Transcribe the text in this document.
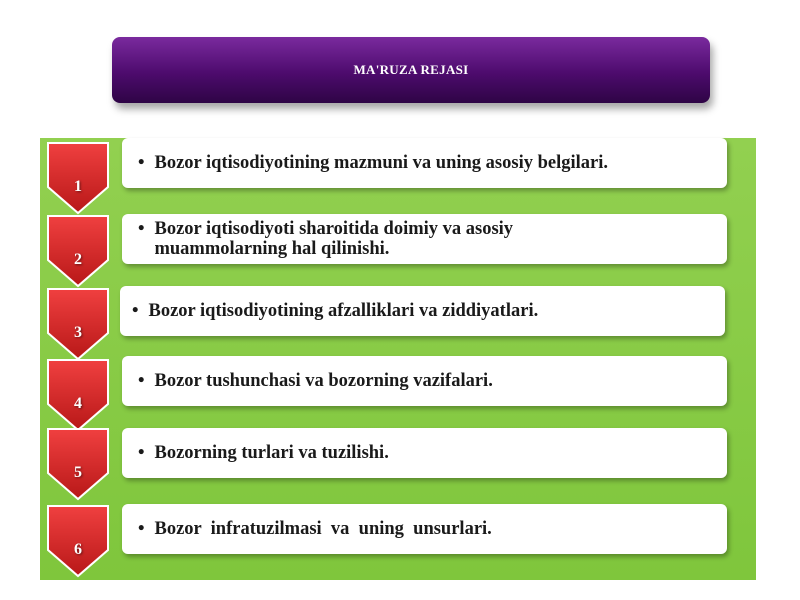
MA'RUZA REJASI
1
• Bozor iqtisodiyotining mazmuni va uning asosiy belgilari.
2
• Bozor iqtisodiyoti sharoitida doimiy va asosiy muammolarning hal qilinishi.
3
• Bozor iqtisodiyotining afzalliklari va ziddiyatlari.
4
• Bozor tushunchasi va bozorning vazifalari.
5
• Bozorning turlari va tuzilishi.
6
• Bozor  infratuzilmasi  va  uning  unsurlari.
